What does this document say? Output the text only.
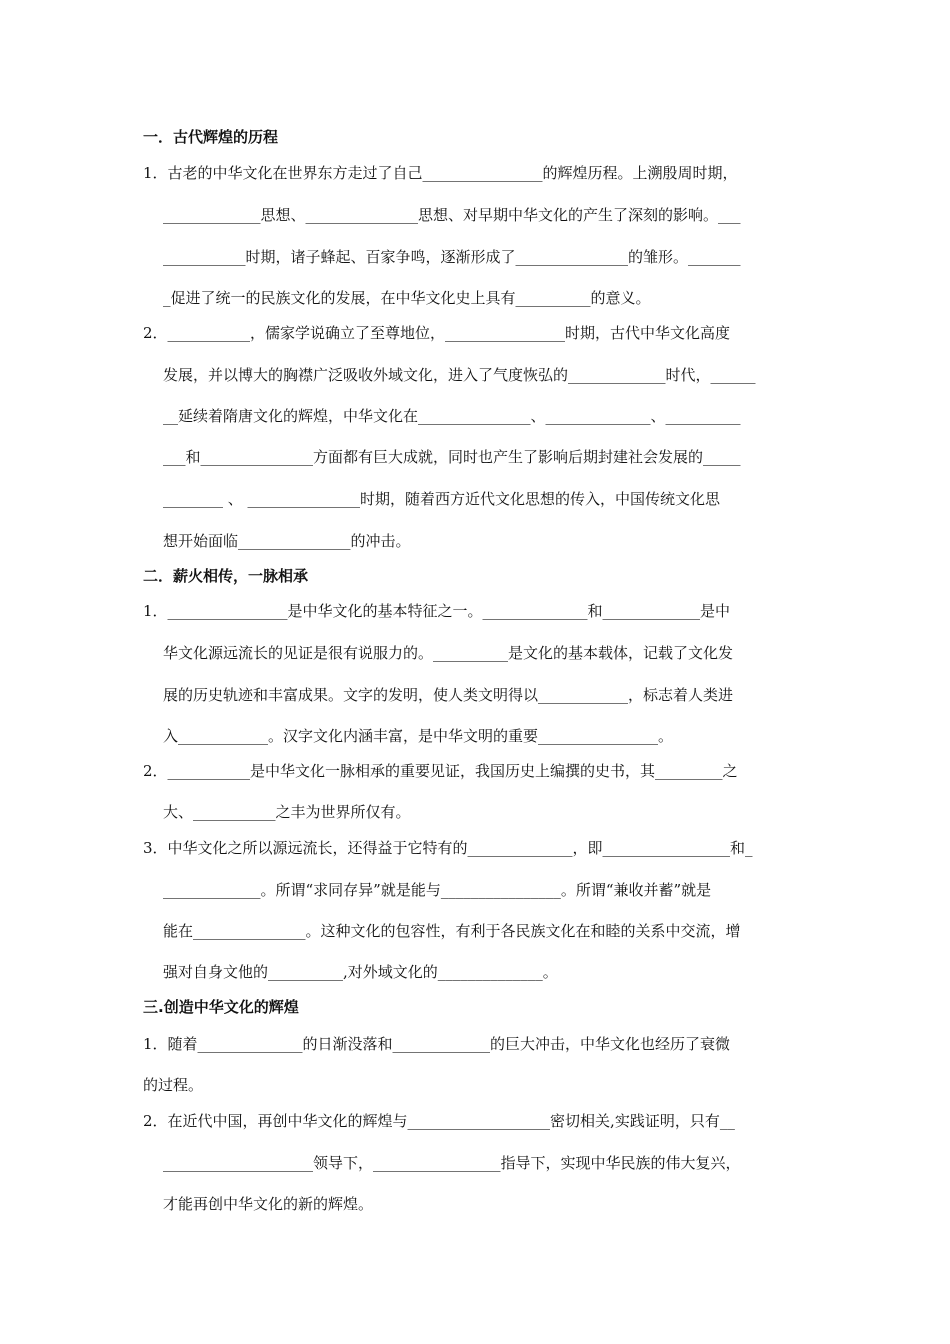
一．古代辉煌的历程
1．古老的中华文化在世界东方走过了自己________________的辉煌历程。上溯殷周时期，
_____________思想、_______________思想、对早期中华文化的产生了深刻的影响。___
___________时期，诸子蜂起、百家争鸣，逐渐形成了_______________的雏形。_______
_促进了统一的民族文化的发展，在中华文化史上具有__________的意义。
2．___________，儒家学说确立了至尊地位，________________时期，古代中华文化高度
发展，并以博大的胸襟广泛吸收外域文化，进入了气度恢弘的_____________时代，______
__延续着隋唐文化的辉煌，中华文化在_______________、______________、__________
___和_______________方面都有巨大成就，同时也产生了影响后期封建社会发展的_____
________ 、 _______________时期，随着西方近代文化思想的传入，中国传统文化思
想开始面临_______________的冲击。
二．薪火相传，一脉相承
1．________________是中华文化的基本特征之一。______________和_____________是中
华文化源远流长的见证是很有说服力的。__________是文化的基本载体，记载了文化发
展的历史轨迹和丰富成果。文字的发明，使人类文明得以____________，标志着人类进
入____________。汉字文化内涵丰富，是中华文明的重要________________。
2．___________是中华文化一脉相承的重要见证，我国历史上编撰的史书，其_________之
大、___________之丰为世界所仅有。
3．中华文化之所以源远流长，还得益于它特有的______________，即_________________和_
_____________。所谓“求同存异”就是能与________________。所谓“兼收并蓄”就是
能在_______________。这种文化的包容性，有利于各民族文化在和睦的关系中交流，增
强对自身文他的__________,对外域文化的______________。
三.创造中华文化的辉煌
1．随着______________的日渐没落和_____________的巨大冲击，中华文化也经历了衰微
的过程。
2．在近代中国，再创中华文化的辉煌与___________________密切相关,实践证明，只有__
____________________领导下，_________________指导下，实现中华民族的伟大复兴，
才能再创中华文化的新的辉煌。
